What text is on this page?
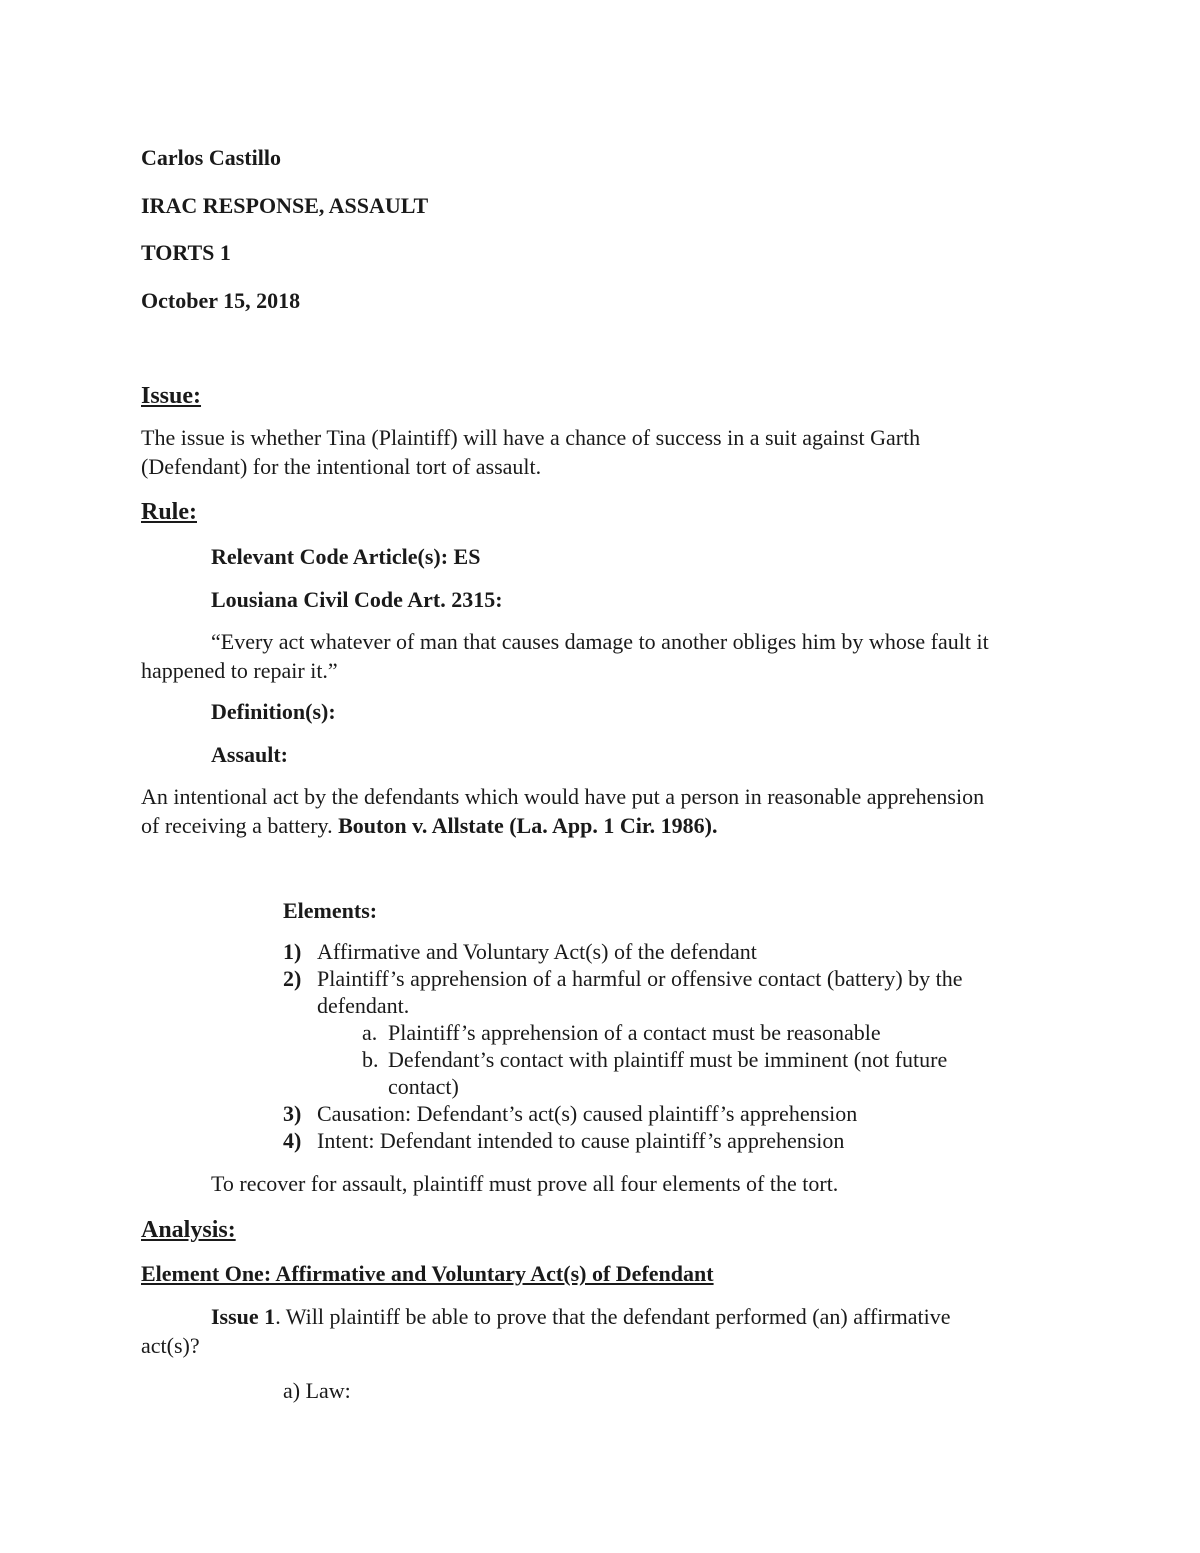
Carlos Castillo
IRAC RESPONSE, ASSAULT
TORTS 1
October 15, 2018
Issue:
The issue is whether Tina (Plaintiff) will have a chance of success in a suit against Garth
(Defendant) for the intentional tort of assault.
Rule:
Relevant Code Article(s): ES
Lousiana Civil Code Art. 2315:
“Every act whatever of man that causes damage to another obliges him by whose fault it
happened to repair it.”
Definition(s):
Assault:
An intentional act by the defendants which would have put a person in reasonable apprehension
of receiving a battery. Bouton v. Allstate (La. App. 1 Cir. 1986).
Elements:
1) Affirmative and Voluntary Act(s) of the defendant
2) Plaintiff’s apprehension of a harmful or offensive contact (battery) by the
defendant.
a. Plaintiff’s apprehension of a contact must be reasonable
b. Defendant’s contact with plaintiff must be imminent (not future
contact)
3) Causation: Defendant’s act(s) caused plaintiff’s apprehension
4) Intent: Defendant intended to cause plaintiff’s apprehension
To recover for assault, plaintiff must prove all four elements of the tort.
Analysis:
Element One: Affirmative and Voluntary Act(s) of Defendant
Issue 1. Will plaintiff be able to prove that the defendant performed (an) affirmative
act(s)?
a) Law:
